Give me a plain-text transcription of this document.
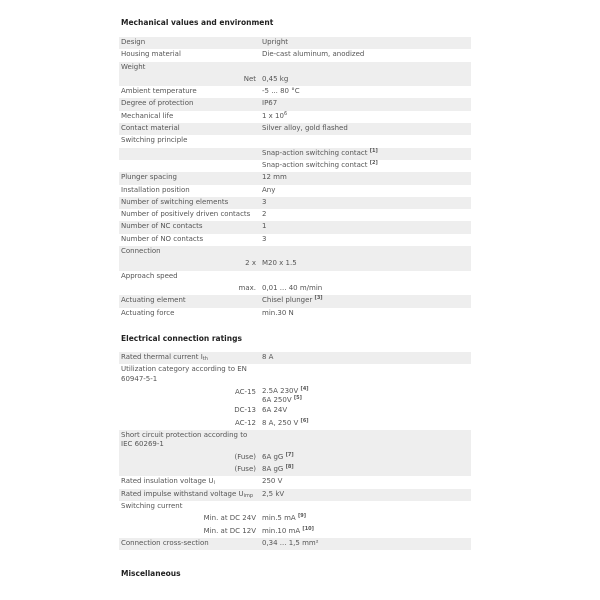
Mechanical values and environment
Design	Upright
Housing material	Die-cast aluminum, anodized
Weight	
Net	0,45 kg
Ambient temperature	-5 ... 80 °C
Degree of protection	IP67
Mechanical life	1 x $10^6$
Contact material	Silver alloy, gold flashed
Switching principle	
	Snap-action switching contact [1]
	Snap-action switching contact [2]
Plunger spacing	12 mm
Installation position	Any
Number of switching elements	3
Number of positively driven contacts	2
Number of NC contacts	1
Number of NO contacts	3
Connection	
2 x	M20 x 1.5
Approach speed	
max.	0,01 ... 40 m/min
Actuating element	Chisel plunger [3]
Actuating force	min.30 N
Electrical connection ratings
Rated thermal current $I_{th}$	8 A
Utilization category according to EN 60947-5-1	
AC-15	2.5A 230V [4]
6A 250V [5]

DC-13	6A 24V
AC-12	8 A, 250 V [6]
Short circuit protection according to IEC 60269-1	
(Fuse)	6A gG [7]
(Fuse)	8A gG [8]
Rated insulation voltage $U_i$	250 V
Rated impulse withstand voltage $U_{imp}$	2,5 kV
Switching current	
Min. at DC 24V	min.5 mA [9]
Min. at DC 12V	min.10 mA [10]
Connection cross-section	0,34 ... 1,5 mm²
Miscellaneous
